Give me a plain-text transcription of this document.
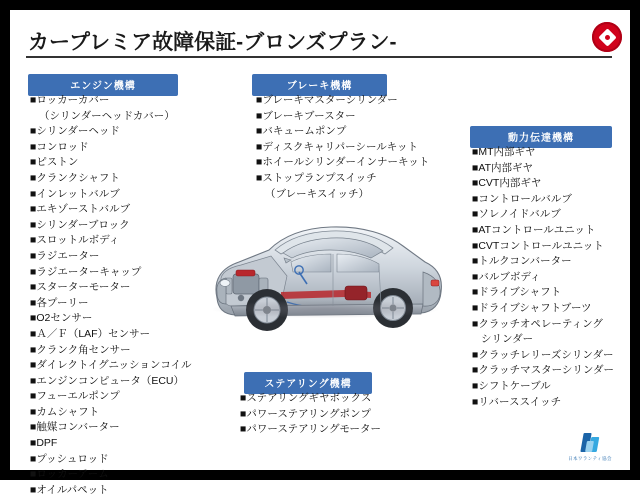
カープレミア故障保証-ブロンズプラン-
エンジン機構
■ロッカーカバー
（シリンダーヘッドカバー）
■シリンダーヘッド
■コンロッド
■ピストン
■クランクシャフト
■インレットバルブ
■エキゾーストバルブ
■シリンダーブロック
■スロットルボディ
■ラジエーター
■ラジエーターキャップ
■スターターモーター
■各プーリー
■O2センサー
■Ａ／Ｆ（LAF）センサー
■クランク角センサー
■ダイレクトイグニッションコイル
■エンジンコンピュータ（ECU）
■フューエルポンプ
■カムシャフト
■触媒コンバーター
■DPF
■プッシュロッド
■ロッカーアーム
■オイルパペット
ブレーキ機構
■ブレーキマスターシリンダー
■ブレーキブースター
■バキュームポンプ
■ディスクキャリパーシールキット
■ホイールシリンダーインナーキット
■ストップランプスイッチ
（ブレーキスイッチ）
動力伝達機構
■MT内部ギヤ
■AT内部ギヤ
■CVT内部ギヤ
■コントロールバルブ
■ソレノイドバルブ
■ATコントロールユニット
■CVTコントロールユニット
■トルクコンバーター
■バルブボディ
■ドライブシャフト
■ドライブシャフトブーツ
■クラッチオペレーティング
シリンダー
■クラッチレリーズシリンダー
■クラッチマスターシリンダー
■シフトケーブル
■リバーススイッチ
ステアリング機構
■ステアリングギヤボックス
■パワーステアリングポンプ
■パワーステアリングモーター
日本ワランティ協会
